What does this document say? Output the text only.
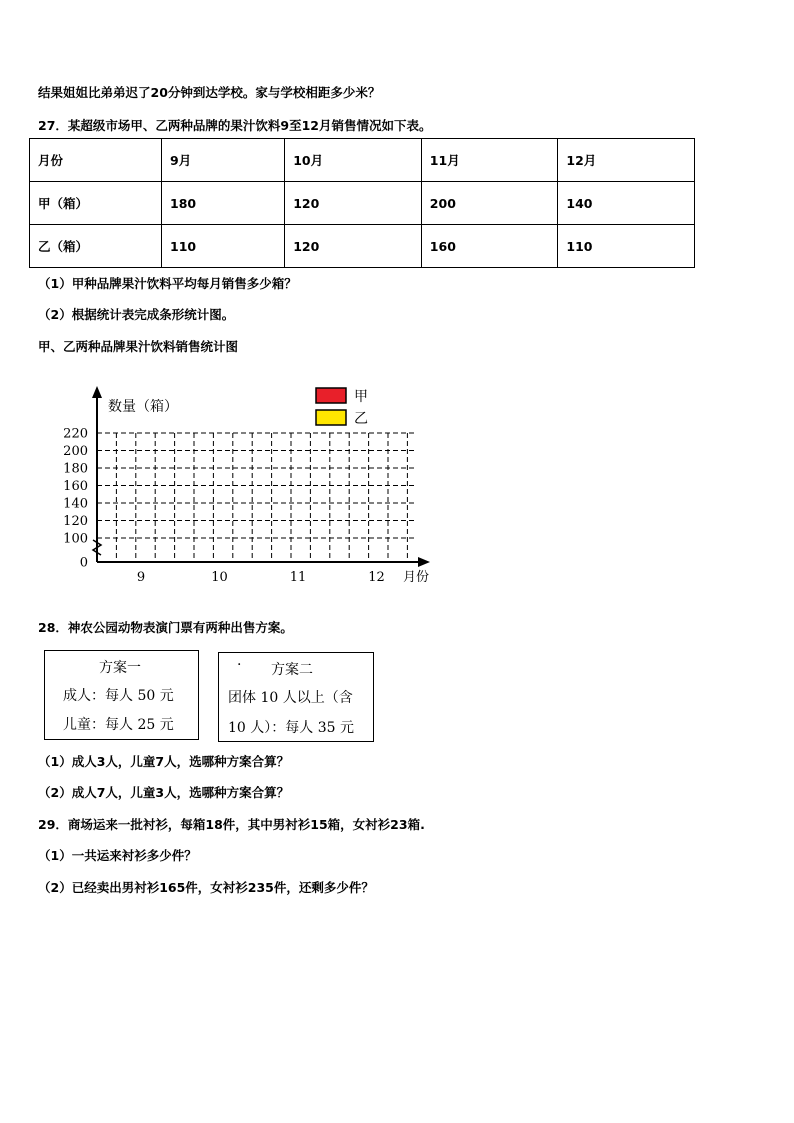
结果姐姐比弟弟迟了20分钟到达学校。家与学校相距多少米？
27．某超级市场甲、乙两种品牌的果汁饮料9至12月销售情况如下表。
月份	9月	10月	11月	12月
甲（箱）	180	120	200	140
乙（箱）	110	120	160	110
（1）甲种品牌果汁饮料平均每月销售多少箱？
（2）根据统计表完成条形统计图。
甲、乙两种品牌果汁饮料销售统计图
0
100
120
140
160
180
200
220
9	10	11	12
数量（箱）
月份
甲
乙
28．神农公园动物表演门票有两种出售方案。
方案一
成人：每人 50 元
儿童：每人 25 元
· 方案二
团体 10 人以上（含
10 人）：每人 35 元
（1）成人3人，儿童7人，选哪种方案合算？
（2）成人7人，儿童3人，选哪种方案合算？
29．商场运来一批衬衫，每箱18件，其中男衬衫15箱，女衬衫23箱.
（1）一共运来衬衫多少件？
（2）已经卖出男衬衫165件，女衬衫235件，还剩多少件？
